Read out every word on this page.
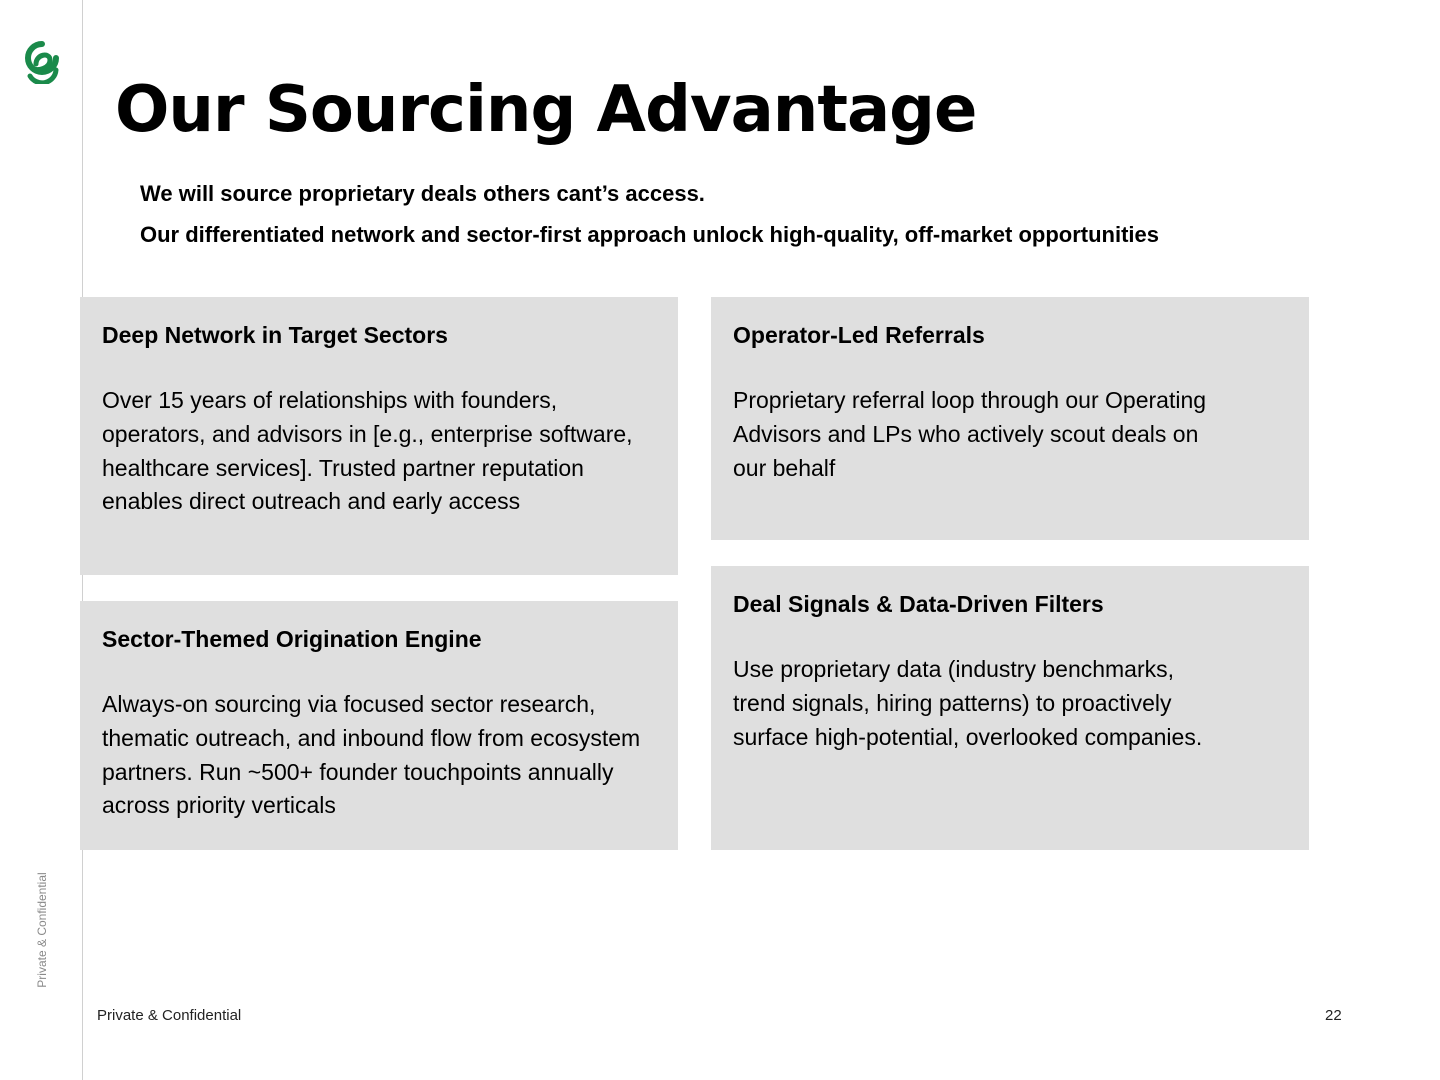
Private & Confidential
Our Sourcing Advantage

We will source proprietary deals others cant’s access.

Our differentiated network and sector-first approach unlock high-quality, off-market opportunities

Deep Network in Target Sectors

Over 15 years of relationships with founders, operators, and advisors in [e.g., enterprise software, healthcare services]. Trusted partner reputation enables direct outreach and early access

Operator-Led Referrals

Proprietary referral loop through our Operating Advisors and LPs who actively scout deals on our behalf

Sector-Themed Origination Engine

Always-on sourcing via focused sector research, thematic outreach, and inbound flow from ecosystem partners. Run ~500+ founder touchpoints annually across priority verticals

Deal Signals & Data-Driven Filters

Use proprietary data (industry benchmarks, trend signals, hiring patterns) to proactively surface high-potential, overlooked companies.

Private & Confidential	22
